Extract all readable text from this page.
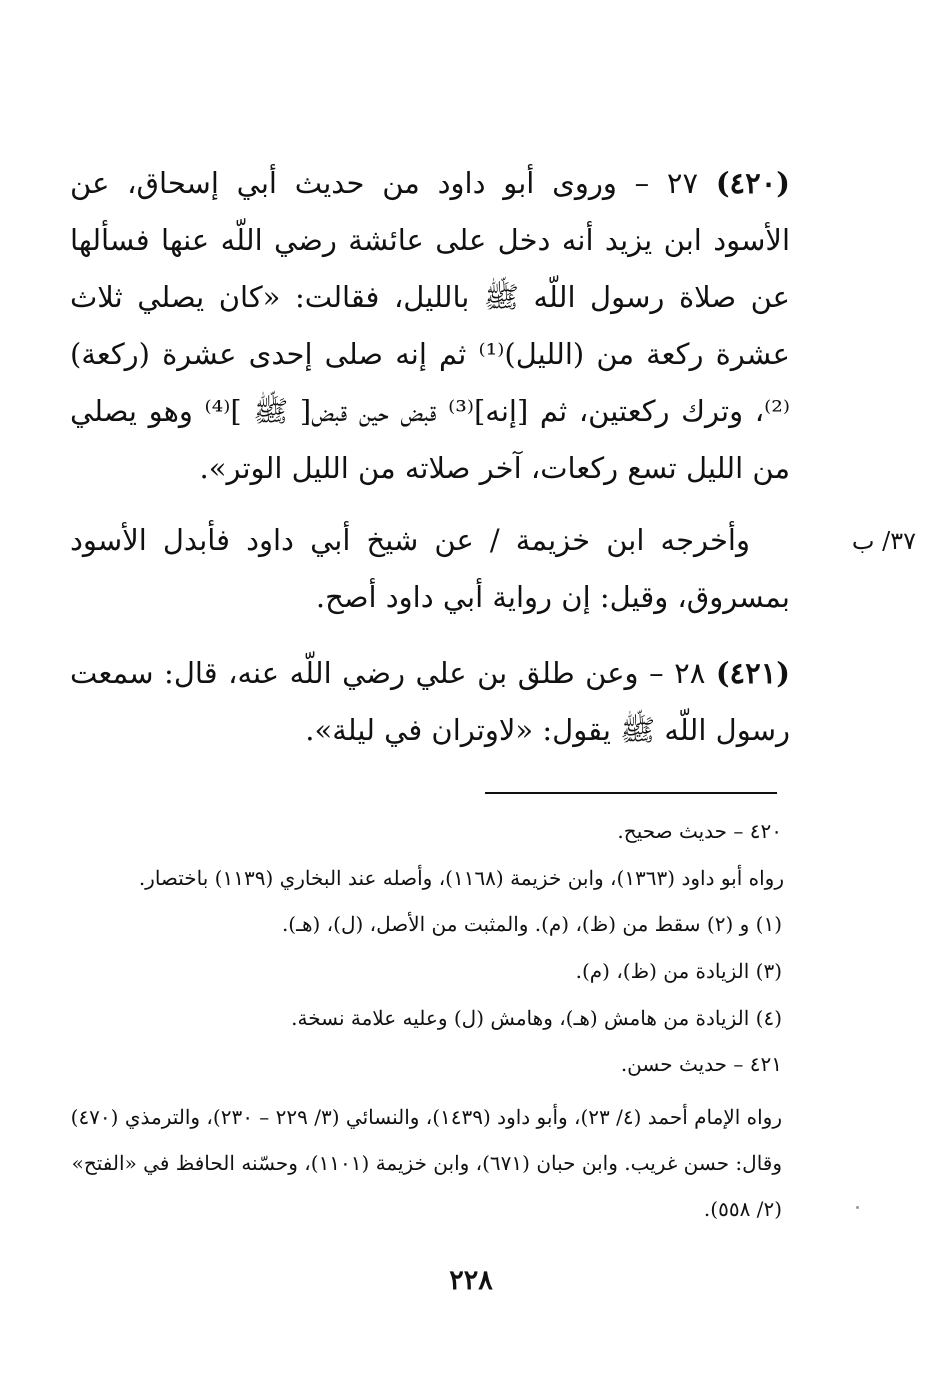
(٤٢٠) ٢٧ – وروى أبو داود من حديث أبي إسحاق، عن الأسود ابن يزيد أنه دخل على عائشة رضي اللّه عنها فسألها عن صلاة رسول اللّه ﷺ بالليل، فقالت: «كان يصلي ثلاث عشرة ركعة من (الليل)⁽¹⁾ ثم إنه صلى إحدى عشرة (ركعة)⁽²⁾، وترك ركعتين، ثم [إنه]⁽³⁾ قبض حين قبض[ ﷺ ]⁽⁴⁾ وهو يصلي من الليل تسع ركعات، آخر صلاته من الليل الوتر».
وأخرجه ابن خزيمة / عن شيخ أبي داود فأبدل الأسود بمسروق، وقيل: إن رواية أبي داود أصح.
٣٧/ ب
(٤٢١) ٢٨ – وعن طلق بن علي رضي اللّه عنه، قال: سمعت رسول اللّه ﷺ يقول: «لاوتران في ليلة».
٤٢٠ – حديث صحيح.
رواه أبو داود (١٣٦٣)، وابن خزيمة (١١٦٨)، وأصله عند البخاري (١١٣٩) باختصار.
(١) و (٢) سقط من (ظ)، (م). والمثبت من الأصل، (ل)، (هـ).
(٣) الزيادة من (ظ)، (م).
(٤) الزيادة من هامش (هـ)، وهامش (ل) وعليه علامة نسخة.
٤٢١ – حديث حسن.
رواه الإمام أحمد (٤/ ٢٣)، وأبو داود (١٤٣٩)، والنسائي (٣/ ٢٢٩ – ٢٣٠)، والترمذي (٤٧٠) وقال: حسن غريب. وابن حبان (٦٧١)، وابن خزيمة (١١٠١)، وحسّنه الحافظ في «الفتح» (٢/ ٥٥٨).
٢٢٨
